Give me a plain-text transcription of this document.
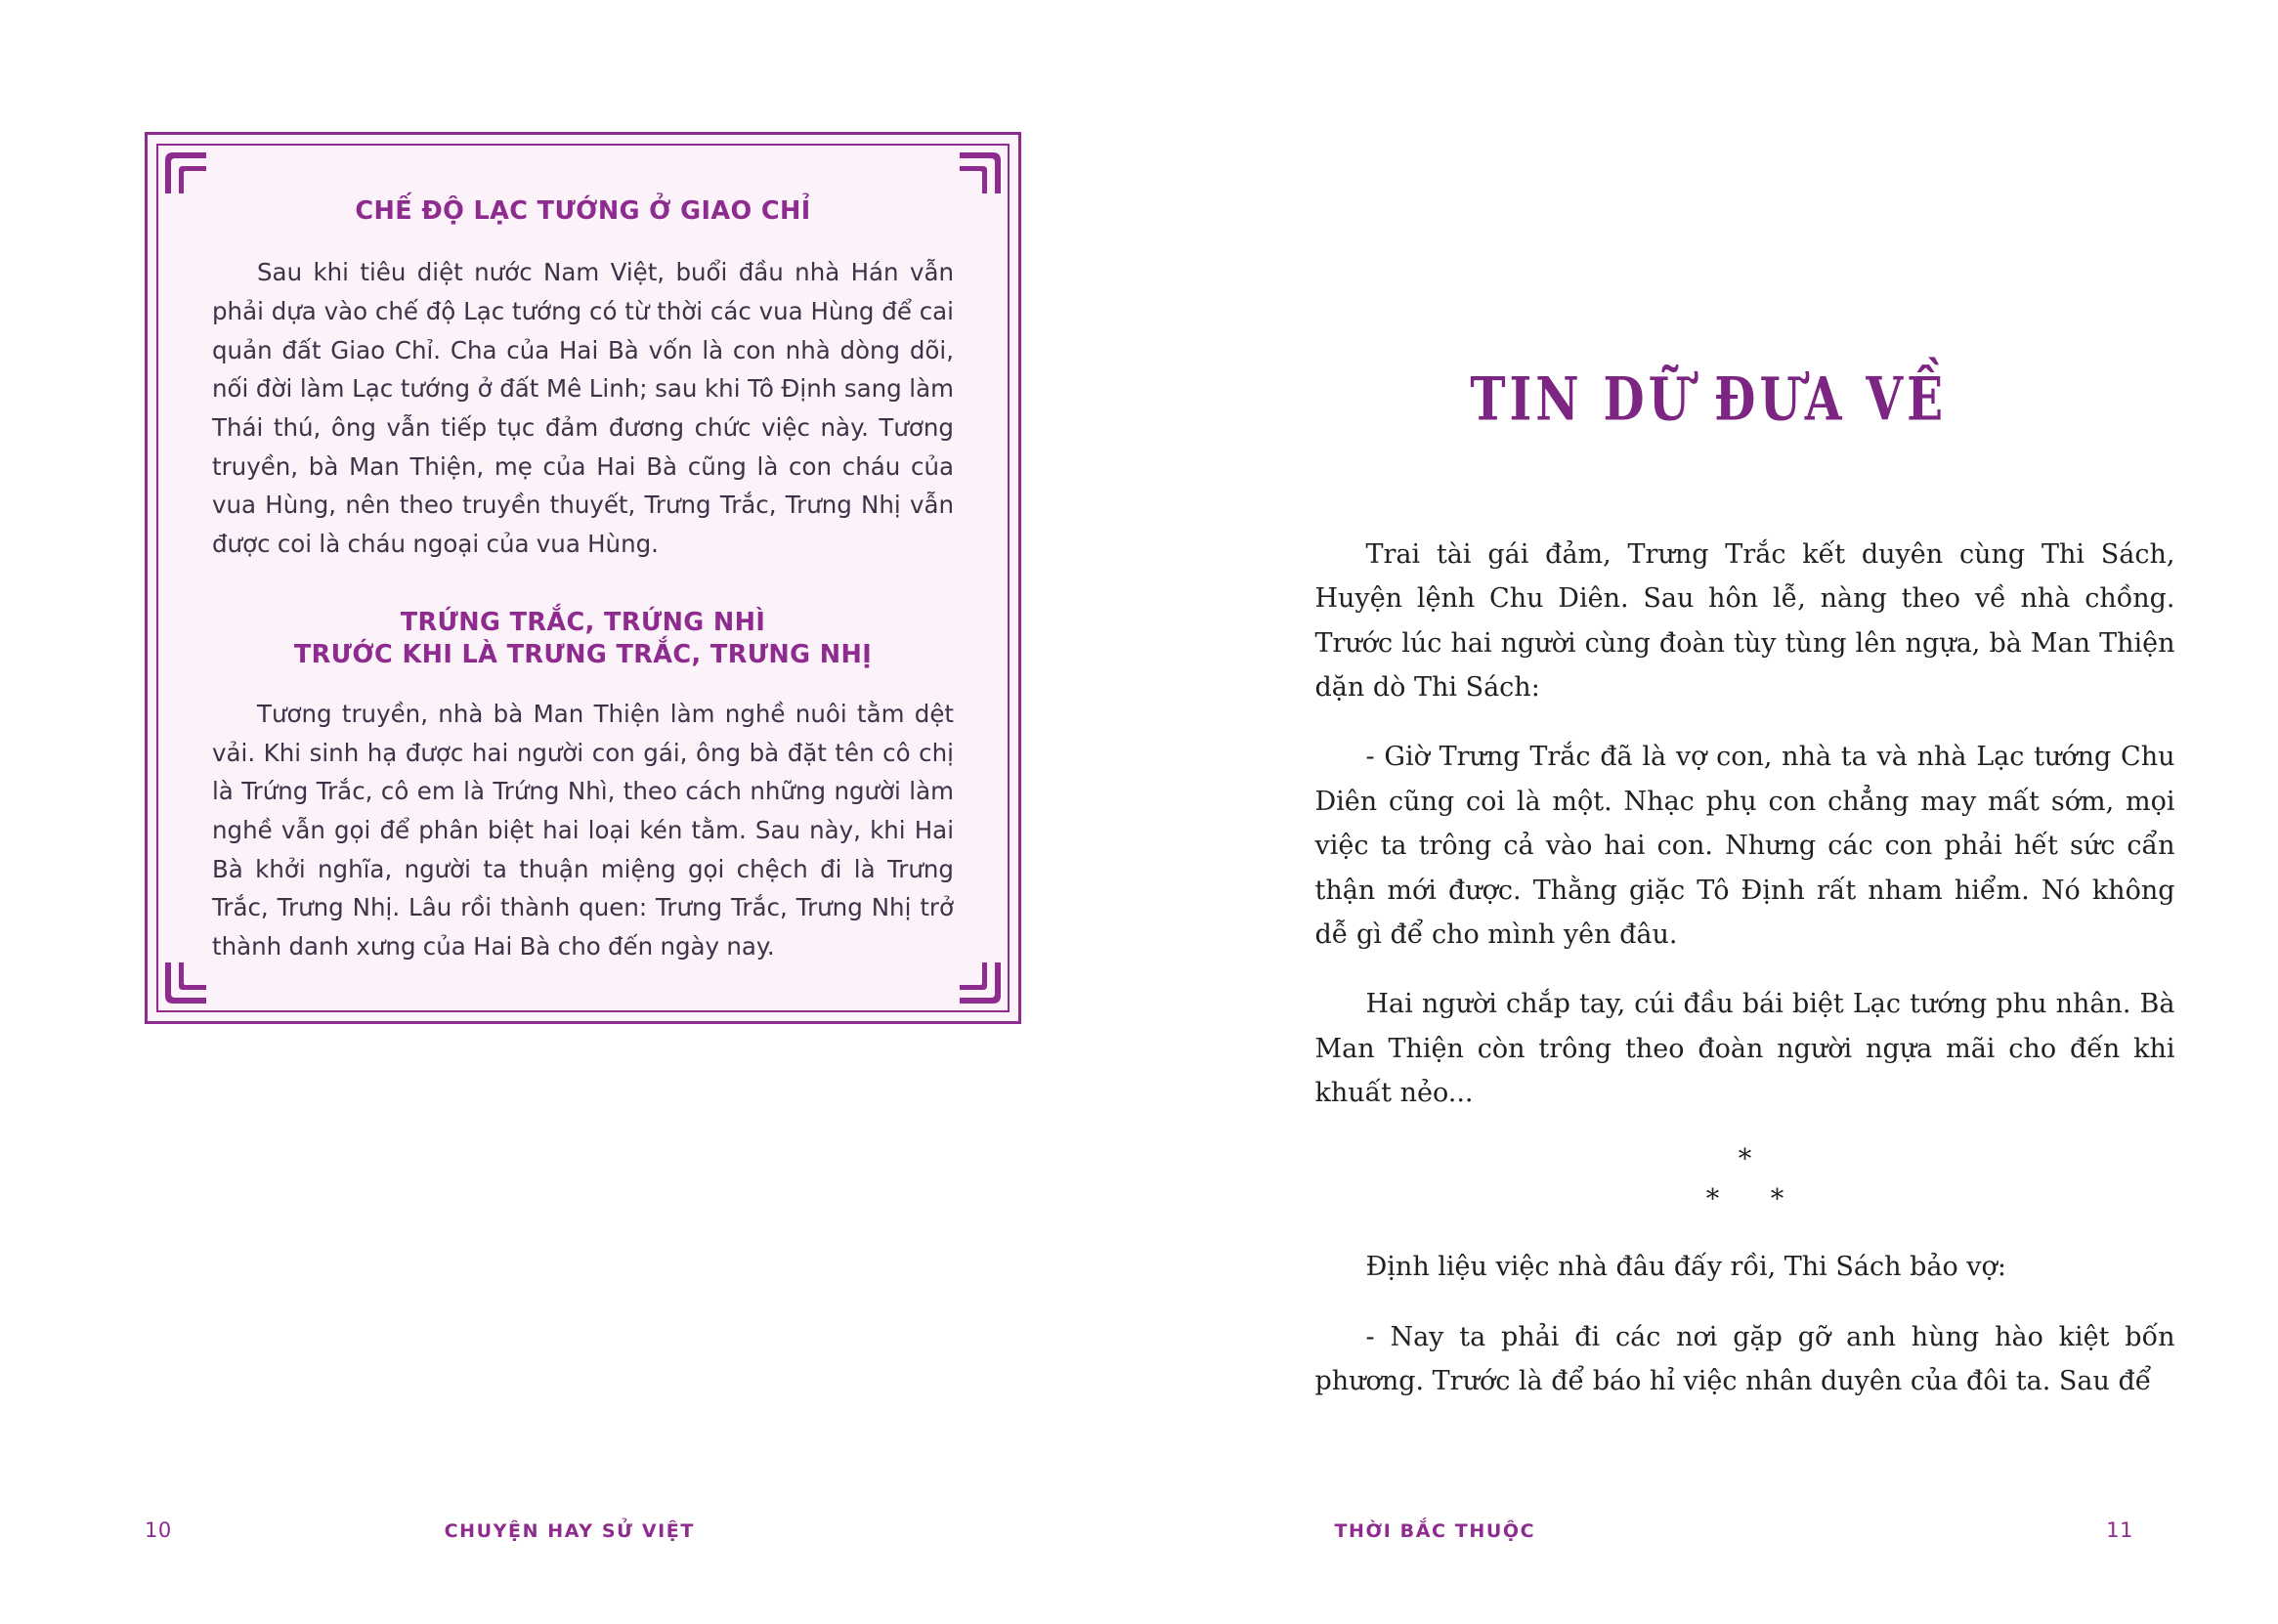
CHẾ ĐỘ LẠC TƯỚNG Ở GIAO CHỈ

Sau khi tiêu diệt nước Nam Việt, buổi đầu nhà Hán vẫn phải dựa vào chế độ Lạc tướng có từ thời các vua Hùng để cai quản đất Giao Chỉ. Cha của Hai Bà vốn là con nhà dòng dõi, nối đời làm Lạc tướng ở đất Mê Linh; sau khi Tô Định sang làm Thái thú, ông vẫn tiếp tục đảm đương chức việc này. Tương truyền, bà Man Thiện, mẹ của Hai Bà cũng là con cháu của vua Hùng, nên theo truyền thuyết, Trưng Trắc, Trưng Nhị vẫn được coi là cháu ngoại của vua Hùng.

TRỨNG TRẮC, TRỨNG NHÌ
TRƯỚC KHI LÀ TRƯNG TRẮC, TRƯNG NHỊ

Tương truyền, nhà bà Man Thiện làm nghề nuôi tằm dệt vải. Khi sinh hạ được hai người con gái, ông bà đặt tên cô chị là Trứng Trắc, cô em là Trứng Nhì, theo cách những người làm nghề vẫn gọi để phân biệt hai loại kén tằm. Sau này, khi Hai Bà khởi nghĩa, người ta thuận miệng gọi chệch đi là Trưng Trắc, Trưng Nhị. Lâu rồi thành quen: Trưng Trắc, Trưng Nhị trở thành danh xưng của Hai Bà cho đến ngày nay.

10	CHUYỆN HAY SỬ VIỆT
TIN DỮ ĐƯA VỀ

Trai tài gái đảm, Trưng Trắc kết duyên cùng Thi Sách, Huyện lệnh Chu Diên. Sau hôn lễ, nàng theo về nhà chồng. Trước lúc hai người cùng đoàn tùy tùng lên ngựa, bà Man Thiện dặn dò Thi Sách:

- Giờ Trưng Trắc đã là vợ con, nhà ta và nhà Lạc tướng Chu Diên cũng coi là một. Nhạc phụ con chẳng may mất sớm, mọi việc ta trông cả vào hai con. Nhưng các con phải hết sức cẩn thận mới được. Thằng giặc Tô Định rất nham hiểm. Nó không dễ gì để cho mình yên đâu.

Hai người chắp tay, cúi đầu bái biệt Lạc tướng phu nhân. Bà Man Thiện còn trông theo đoàn người ngựa mãi cho đến khi khuất nẻo...

*
* *

Định liệu việc nhà đâu đấy rồi, Thi Sách bảo vợ:

- Nay ta phải đi các nơi gặp gỡ anh hùng hào kiệt bốn phương. Trước là để báo hỉ việc nhân duyên của đôi ta. Sau để

THỜI BẮC THUỘC	11
